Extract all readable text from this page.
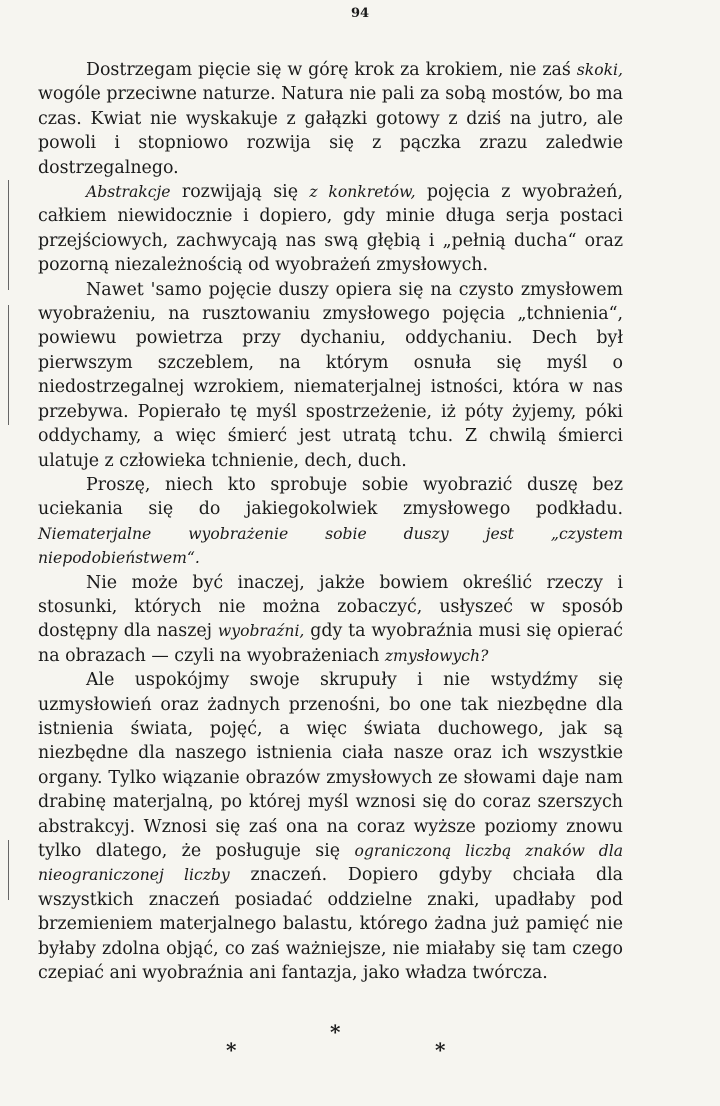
94

Dostrzegam pięcie się w górę krok za krokiem, nie zaś skoki, wogóle przeciwne naturze. Natura nie pali za sobą mostów, bo ma czas. Kwiat nie wyskakuje z gałązki gotowy z dziś na jutro, ale powoli i stopniowo rozwija się z pączka zrazu zaledwie dostrzegalnego.

Abstrakcje rozwijają się z konkretów, pojęcia z wyobrażeń, całkiem niewidocznie i dopiero, gdy minie długa serja postaci przejściowych, zachwycają nas swą głębią i „pełnią ducha“ oraz pozorną niezależnością od wyobrażeń zmysłowych.

Nawet 'samo pojęcie duszy opiera się na czysto zmysłowem wyobrażeniu, na rusztowaniu zmysłowego pojęcia „tchnienia“, powiewu powietrza przy dychaniu, oddychaniu. Dech był pierwszym szczeblem, na którym osnuła się myśl o niedostrzegalnej wzrokiem, niematerjalnej istności, która w nas przebywa. Popierało tę myśl spostrzeżenie, iż póty żyjemy, póki oddychamy, a więc śmierć jest utratą tchu. Z chwilą śmierci ulatuje z człowieka tchnienie, dech, duch.

Proszę, niech kto sprobuje sobie wyobrazić duszę bez uciekania się do jakiegokolwiek zmysłowego podkładu. Niematerjalne wyobrażenie sobie duszy jest „czystem niepodobieństwem“.

Nie może być inaczej, jakże bowiem określić rzeczy i stosunki, których nie można zobaczyć, usłyszeć w sposób dostępny dla naszej wyobraźni, gdy ta wyobraźnia musi się opierać na obrazach — czyli na wyobrażeniach zmysłowych?

Ale uspokójmy swoje skrupuły i nie wstydźmy się uzmysłowień oraz żadnych przenośni, bo one tak niezbędne dla istnienia świata, pojęć, a więc świata duchowego, jak są niezbędne dla naszego istnienia ciała nasze oraz ich wszystkie organy. Tylko wiązanie obrazów zmysłowych ze słowami daje nam drabinę materjalną, po której myśl wznosi się do coraz szerszych abstrakcyj. Wznosi się zaś ona na coraz wyższe poziomy znowu tylko dlatego, że posługuje się ograniczoną liczbą znaków dla nieograniczonej liczby znaczeń. Dopiero gdyby chciała dla wszystkich znaczeń posiadać oddzielne znaki, upadłaby pod brzemieniem materjalnego balastu, którego żadna już pamięć nie byłaby zdolna objąć, co zaś ważniejsze, nie miałaby się tam czego czepiać ani wyobraźnia ani fantazja, jako władza twórcza.

*
*
*
